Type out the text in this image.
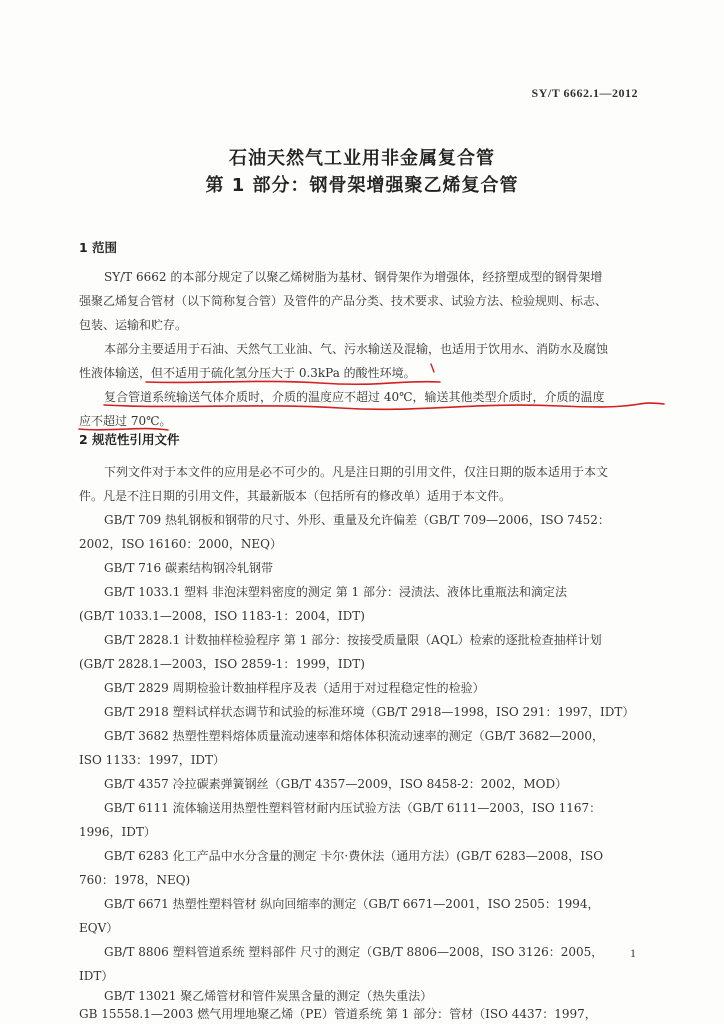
SY/T 6662.1—2012
石油天然气工业用非金属复合管
第 1 部分：钢骨架增强聚乙烯复合管
1 范围
SY/T 6662 的本部分规定了以聚乙烯树脂为基材、钢骨架作为增强体，经挤塑成型的钢骨架增
强聚乙烯复合管材（以下简称复合管）及管件的产品分类、技术要求、试验方法、检验规则、标志、
包装、运输和贮存。
本部分主要适用于石油、天然气工业油、气、污水输送及混输，也适用于饮用水、消防水及腐蚀
性液体输送，但不适用于硫化氢分压大于 0.3kPa 的酸性环境。
复合管道系统输送气体介质时，介质的温度应不超过 40℃，输送其他类型介质时，介质的温度
应不超过 70℃。
2 规范性引用文件
下列文件对于本文件的应用是必不可少的。凡是注日期的引用文件，仅注日期的版本适用于本文
件。凡是不注日期的引用文件，其最新版本（包括所有的修改单）适用于本文件。
GB/T 709 热轧钢板和钢带的尺寸、外形、重量及允许偏差（GB/T 709—2006，ISO 7452：
2002，ISO 16160：2000，NEQ）
GB/T 716 碳素结构钢冷轧钢带
GB/T 1033.1 塑料 非泡沫塑料密度的测定 第 1 部分：浸渍法、液体比重瓶法和滴定法
(GB/T 1033.1—2008，ISO 1183-1：2004，IDT)
GB/T 2828.1 计数抽样检验程序 第 1 部分：按接受质量限（AQL）检索的逐批检查抽样计划
(GB/T 2828.1—2003，ISO 2859-1：1999，IDT)
GB/T 2829 周期检验计数抽样程序及表（适用于对过程稳定性的检验）
GB/T 2918 塑料试样状态调节和试验的标准环境（GB/T 2918—1998，ISO 291：1997，IDT）
GB/T 3682 热塑性塑料熔体质量流动速率和熔体体积流动速率的测定（GB/T 3682—2000，
ISO 1133：1997，IDT）
GB/T 4357 冷拉碳素弹簧钢丝（GB/T 4357—2009，ISO 8458-2：2002，MOD）
GB/T 6111 流体输送用热塑性塑料管材耐内压试验方法（GB/T 6111—2003，ISO 1167：
1996，IDT）
GB/T 6283 化工产品中水分含量的测定 卡尔·费休法（通用方法）(GB/T 6283—2008，ISO
760：1978，NEQ)
GB/T 6671 热塑性塑料管材 纵向回缩率的测定（GB/T 6671—2001，ISO 2505：1994，
EQV）
GB/T 8806 塑料管道系统 塑料部件 尺寸的测定（GB/T 8806—2008，ISO 3126：2005，
IDT）
GB/T 13021 聚乙烯管材和管件炭黑含量的测定（热失重法）
GB 15558.1—2003 燃气用埋地聚乙烯（PE）管道系统 第 1 部分：管材（ISO 4437：1997，
1
